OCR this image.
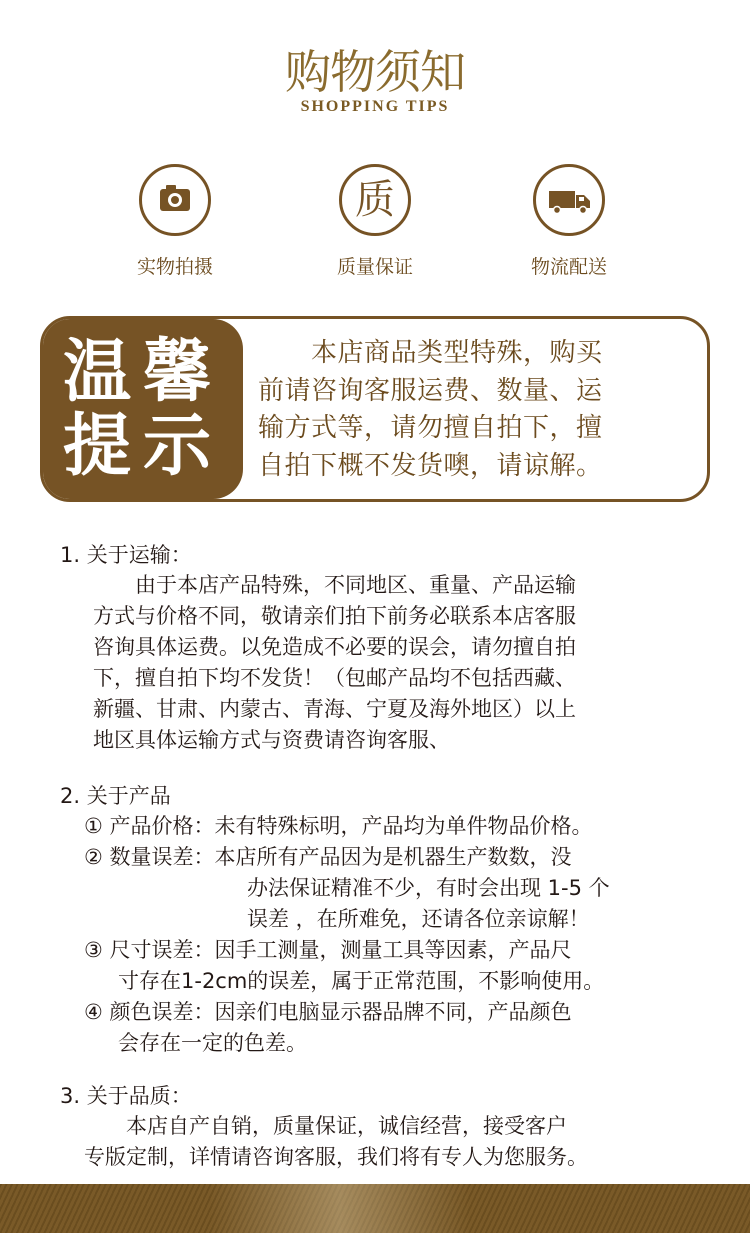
购物须知
SHOPPING TIPS
实物拍摄
质
质量保证	物流配送
温 馨
提 示
　　本店商品类型特殊，购买
前请咨询客服运费、数量、运
输方式等，请勿擅自拍下，擅
自拍下概不发货噢，请谅解。
1. 关于运输：
　　由于本店产品特殊，不同地区、重量、产品运输
方式与价格不同，敬请亲们拍下前务必联系本店客服
咨询具体运费。以免造成不必要的误会，请勿擅自拍
下，擅自拍下均不发货！（包邮产品均不包括西藏、
新疆、甘肃、内蒙古、青海、宁夏及海外地区）以上
地区具体运输方式与资费请咨询客服、
2. 关于产品
① 产品价格：未有特殊标明，产品均为单件物品价格。
② 数量误差：本店所有产品因为是机器生产数数，没
办法保证精准不少，有时会出现 1-5 个
误差 ，在所难免，还请各位亲谅解！
③ 尺寸误差：因手工测量，测量工具等因素，产品尺
寸存在1-2cm的误差，属于正常范围，不影响使用。
④ 颜色误差：因亲们电脑显示器品牌不同，产品颜色
会存在一定的色差。
3. 关于品质：
　　本店自产自销，质量保证，诚信经营，接受客户
专版定制，详情请咨询客服，我们将有专人为您服务。
